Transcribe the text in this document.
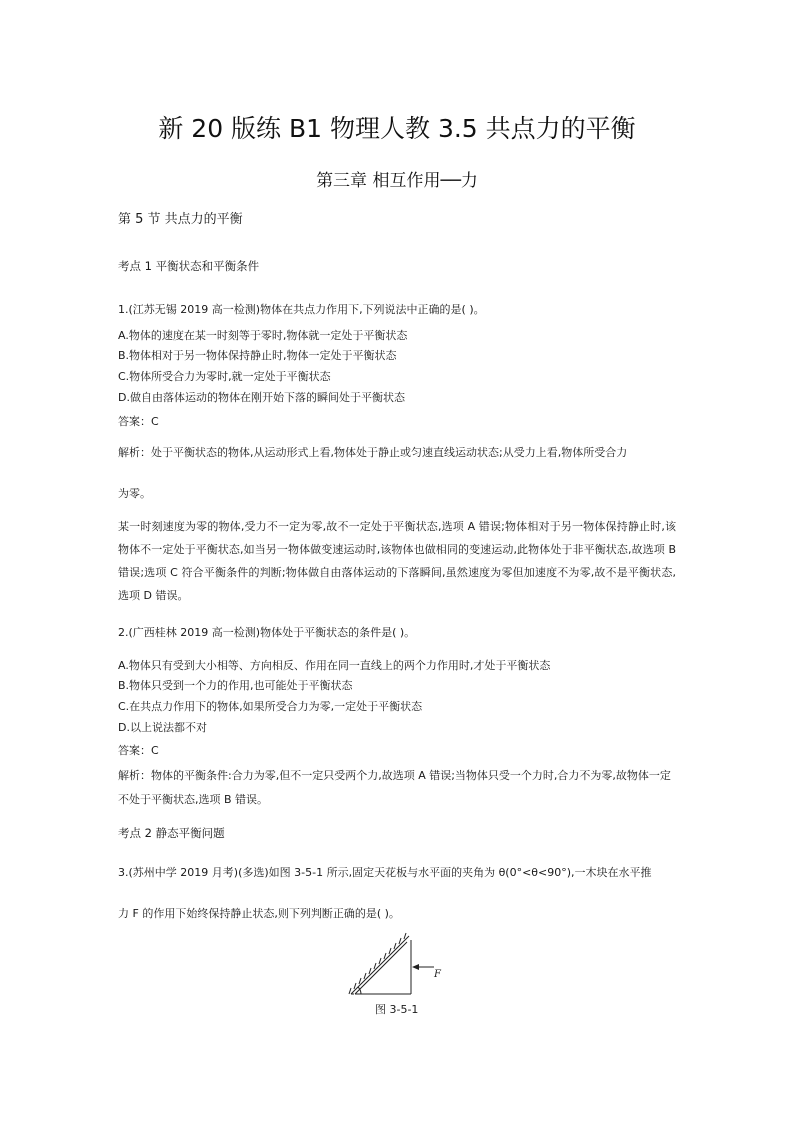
新 20 版练 B1 物理人教 3.5 共点力的平衡
第三章 相互作用──力
第 5 节 共点力的平衡
考点 1 平衡状态和平衡条件
1.(江苏无锡 2019 高一检测)物体在共点力作用下,下列说法中正确的是( )。
A.物体的速度在某一时刻等于零时,物体就一定处于平衡状态
B.物体相对于另一物体保持静止时,物体一定处于平衡状态
C.物体所受合力为零时,就一定处于平衡状态
D.做自由落体运动的物体在刚开始下落的瞬间处于平衡状态
答案：C
解析：处于平衡状态的物体,从运动形式上看,物体处于静止或匀速直线运动状态;从受力上看,物体所受合力
为零。
某一时刻速度为零的物体,受力不一定为零,故不一定处于平衡状态,选项 A 错误;物体相对于另一物体保持静止时,该物体不一定处于平衡状态,如当另一物体做变速运动时,该物体也做相同的变速运动,此物体处于非平衡状态,故选项 B 错误;选项 C 符合平衡条件的判断;物体做自由落体运动的下落瞬间,虽然速度为零但加速度不为零,故不是平衡状态,选项 D 错误。
2.(广西桂林 2019 高一检测)物体处于平衡状态的条件是( )。
A.物体只有受到大小相等、方向相反、作用在同一直线上的两个力作用时,才处于平衡状态
B.物体只受到一个力的作用,也可能处于平衡状态
C.在共点力作用下的物体,如果所受合力为零,一定处于平衡状态
D.以上说法都不对
答案：C
解析：物体的平衡条件:合力为零,但不一定只受两个力,故选项 A 错误;当物体只受一个力时,合力不为零,故物体一定不处于平衡状态,选项 B 错误。
考点 2 静态平衡问题
3.(苏州中学 2019 月考)(多选)如图 3-5-1 所示,固定天花板与水平面的夹角为 θ(0°<θ<90°),一木块在水平推
力 F 的作用下始终保持静止状态,则下列判断正确的是( )。
F
图 3-5-1
